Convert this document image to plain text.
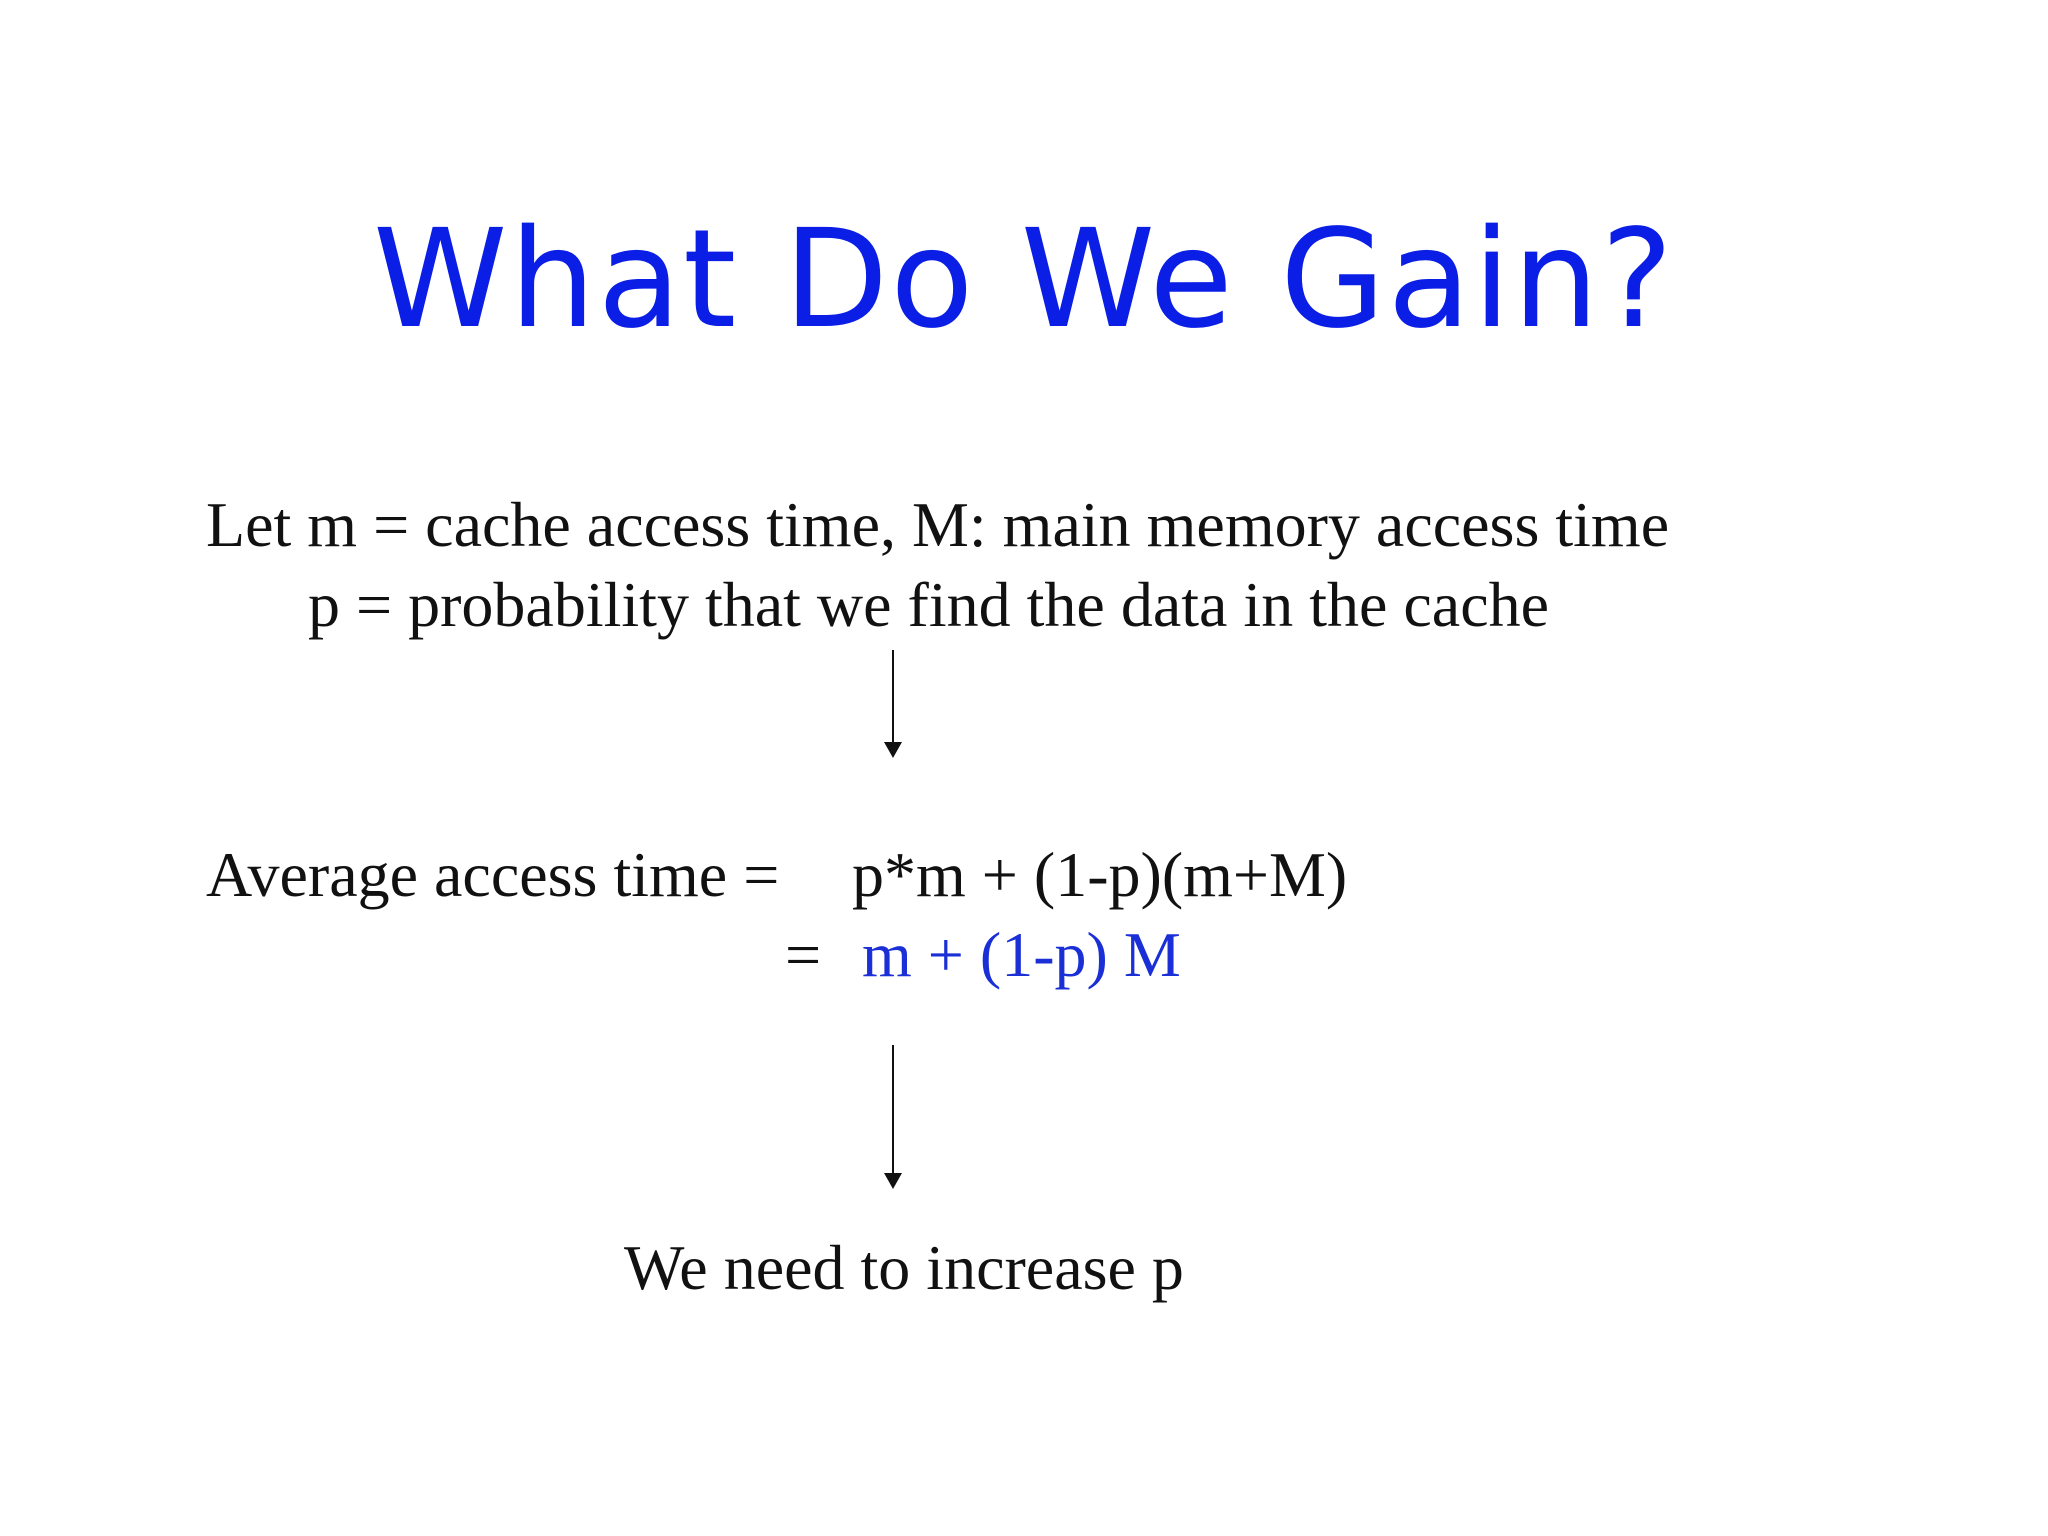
What Do We Gain?
Let m = cache access time, M: main memory access time
p = probability that we find the data in the cache
Average access time = p*m + (1-p)(m+M)
= m + (1-p) M
We need to increase p
